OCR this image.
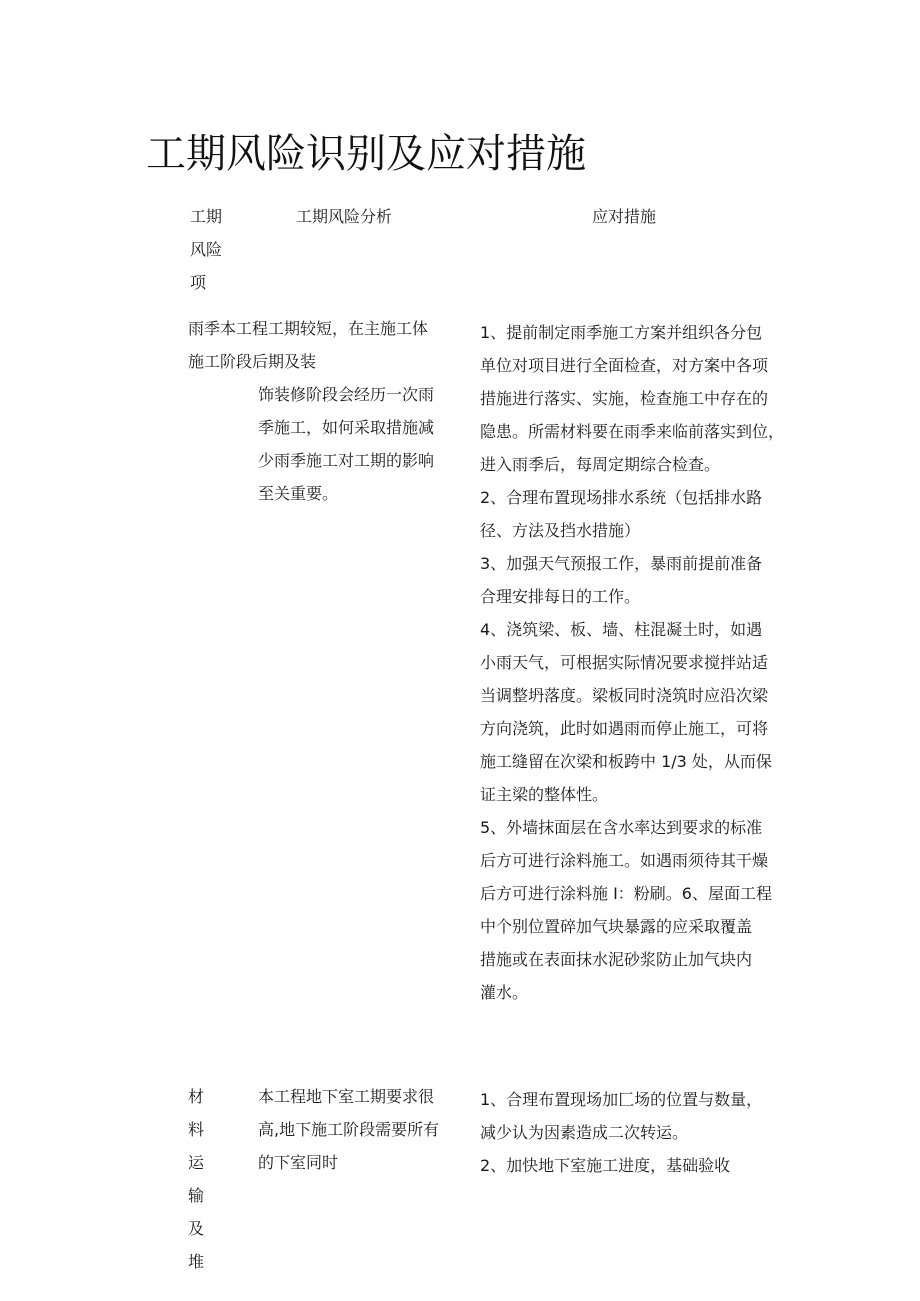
工期风险识别及应对措施
工期
风险
项
工期风险分析	应对措施
雨季本工程工期较短，在主施工体
施工阶段后期及装
饰装修阶段会经历一次雨
季施工，如何采取措施减
少雨季施工对工期的影响
至关重要。

1、提前制定雨季施工方案并组织各分包
单位对项目进行全面检查，对方案中各项
措施进行落实、实施，检查施工中存在的
隐患。所需材料要在雨季来临前落实到位，
进入雨季后，每周定期综合检查。

2、合理布置现场排水系统（包括排水路
径、方法及挡水措施）

3、加强天气预报工作，暴雨前提前准备
合理安排每日的工作。

4、浇筑梁、板、墙、柱混凝土时，如遇
小雨天气，可根据实际情况要求搅拌站适
当调整坍落度。梁板同时浇筑时应沿次梁
方向浇筑，此时如遇雨而停止施工，可将
施工缝留在次梁和板跨中 1/3 处，从而保
证主梁的整体性。

5、外墙抹面层在含水率达到要求的标准
后方可进行涂料施工。如遇雨须待其干燥
后方可进行涂料施 I：粉刷。6、屋面工程
中个别位置碎加气块暴露的应采取覆盖
措施或在表面抹水泥砂浆防止加气块内
灌水。

材料
运输
及堆
本工程地下室工期要求很
高,地下施工阶段需要所有
的下室同时

1、合理布置现场加匚场的位置与数量，
减少认为因素造成二次转运。

2、加快地下室施工进度，基础验收
